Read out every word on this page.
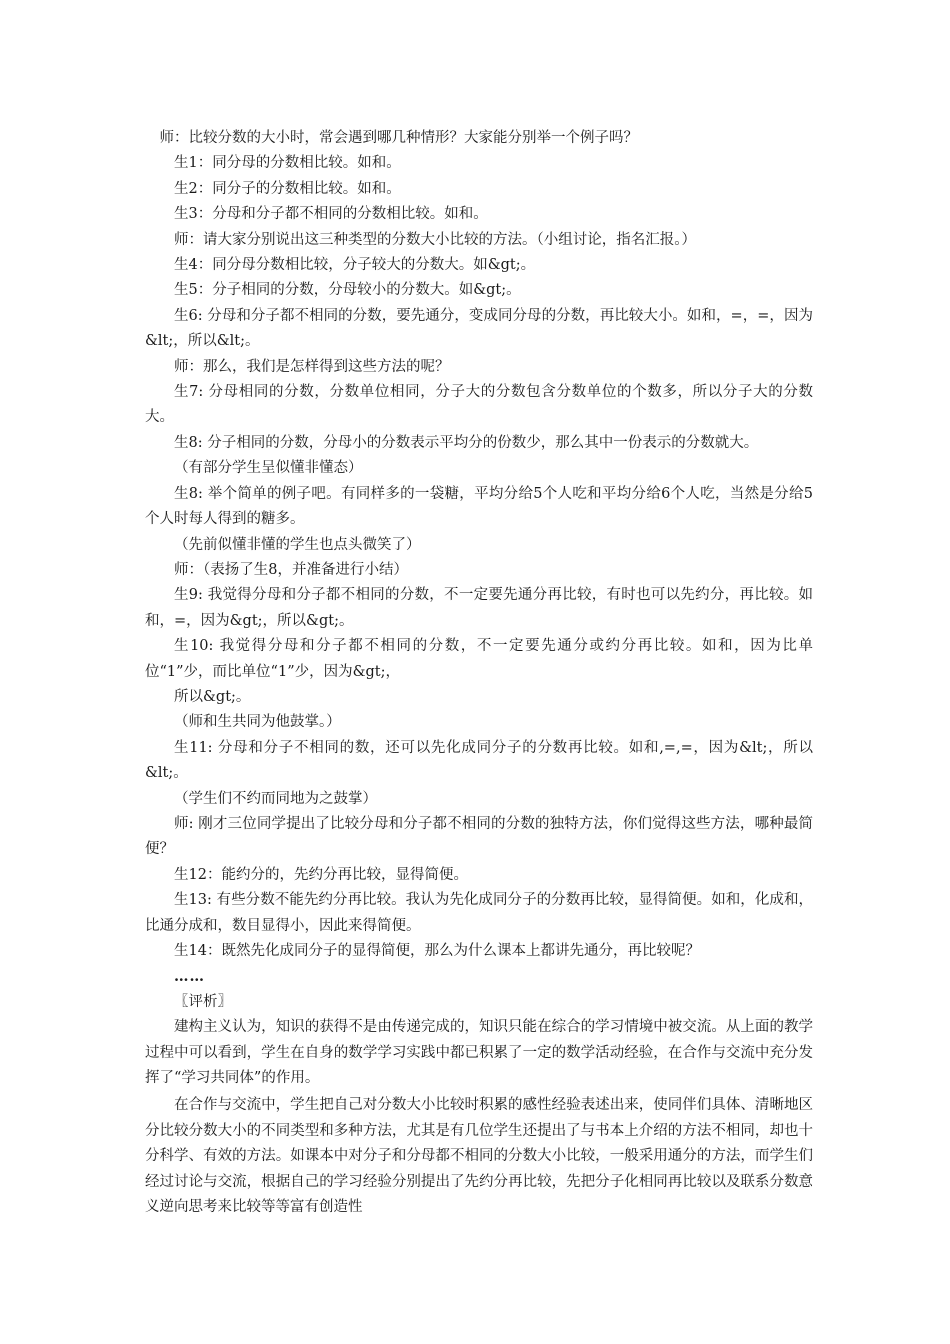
师：比较分数的大小时，常会遇到哪几种情形？大家能分别举一个例子吗？

生1：同分母的分数相比较。如和。

生2：同分子的分数相比较。如和。

生3：分母和分子都不相同的分数相比较。如和。

师：请大家分别说出这三种类型的分数大小比较的方法。（小组讨论，指名汇报。）

生4：同分母分数相比较，分子较大的分数大。如&gt;。

生5：分子相同的分数，分母较小的分数大。如&gt;。

生6: 分母和分子都不相同的分数，要先通分，变成同分母的分数，再比较大小。如和，=，=，因为&lt;，所以&lt;。

师：那么，我们是怎样得到这些方法的呢？

生7: 分母相同的分数，分数单位相同，分子大的分数包含分数单位的个数多，所以分子大的分数大。

生8: 分子相同的分数，分母小的分数表示平均分的份数少，那么其中一份表示的分数就大。

（有部分学生呈似懂非懂态）

生8: 举个简单的例子吧。有同样多的一袋糖，平均分给5个人吃和平均分给6个人吃，当然是分给5个人时每人得到的糖多。

（先前似懂非懂的学生也点头微笑了）

师：（表扬了生8，并准备进行小结）

生9: 我觉得分母和分子都不相同的分数，不一定要先通分再比较，有时也可以先约分，再比较。如和，=，因为&gt;，所以&gt;。

生10: 我觉得分母和分子都不相同的分数，不一定要先通分或约分再比较。如和，因为比单位“1”少，而比单位“1”少，因为&gt;，

所以&gt;。

（师和生共同为他鼓掌。）

生11: 分母和分子不相同的数，还可以先化成同分子的分数再比较。如和,=,=，因为&lt;，所以&lt;。

（学生们不约而同地为之鼓掌）

师: 刚才三位同学提出了比较分母和分子都不相同的分数的独特方法，你们觉得这些方法，哪种最简便？

生12：能约分的，先约分再比较，显得简便。

生13: 有些分数不能先约分再比较。我认为先化成同分子的分数再比较，显得简便。如和，化成和，比通分成和，数目显得小，因此来得简便。

生14：既然先化成同分子的显得简便，那么为什么课本上都讲先通分，再比较呢？

……

〖评析〗

建构主义认为，知识的获得不是由传递完成的，知识只能在综合的学习情境中被交流。从上面的教学过程中可以看到，学生在自身的数学学习实践中都已积累了一定的数学活动经验，在合作与交流中充分发挥了“学习共同体”的作用。

在合作与交流中，学生把自己对分数大小比较时积累的感性经验表述出来，使同伴们具体、清晰地区分比较分数大小的不同类型和多种方法，尤其是有几位学生还提出了与书本上介绍的方法不相同，却也十分科学、有效的方法。如课本中对分子和分母都不相同的分数大小比较，一般采用通分的方法，而学生们经过讨论与交流，根据自己的学习经验分别提出了先约分再比较，先把分子化相同再比较以及联系分数意义逆向思考来比较等等富有创造性
